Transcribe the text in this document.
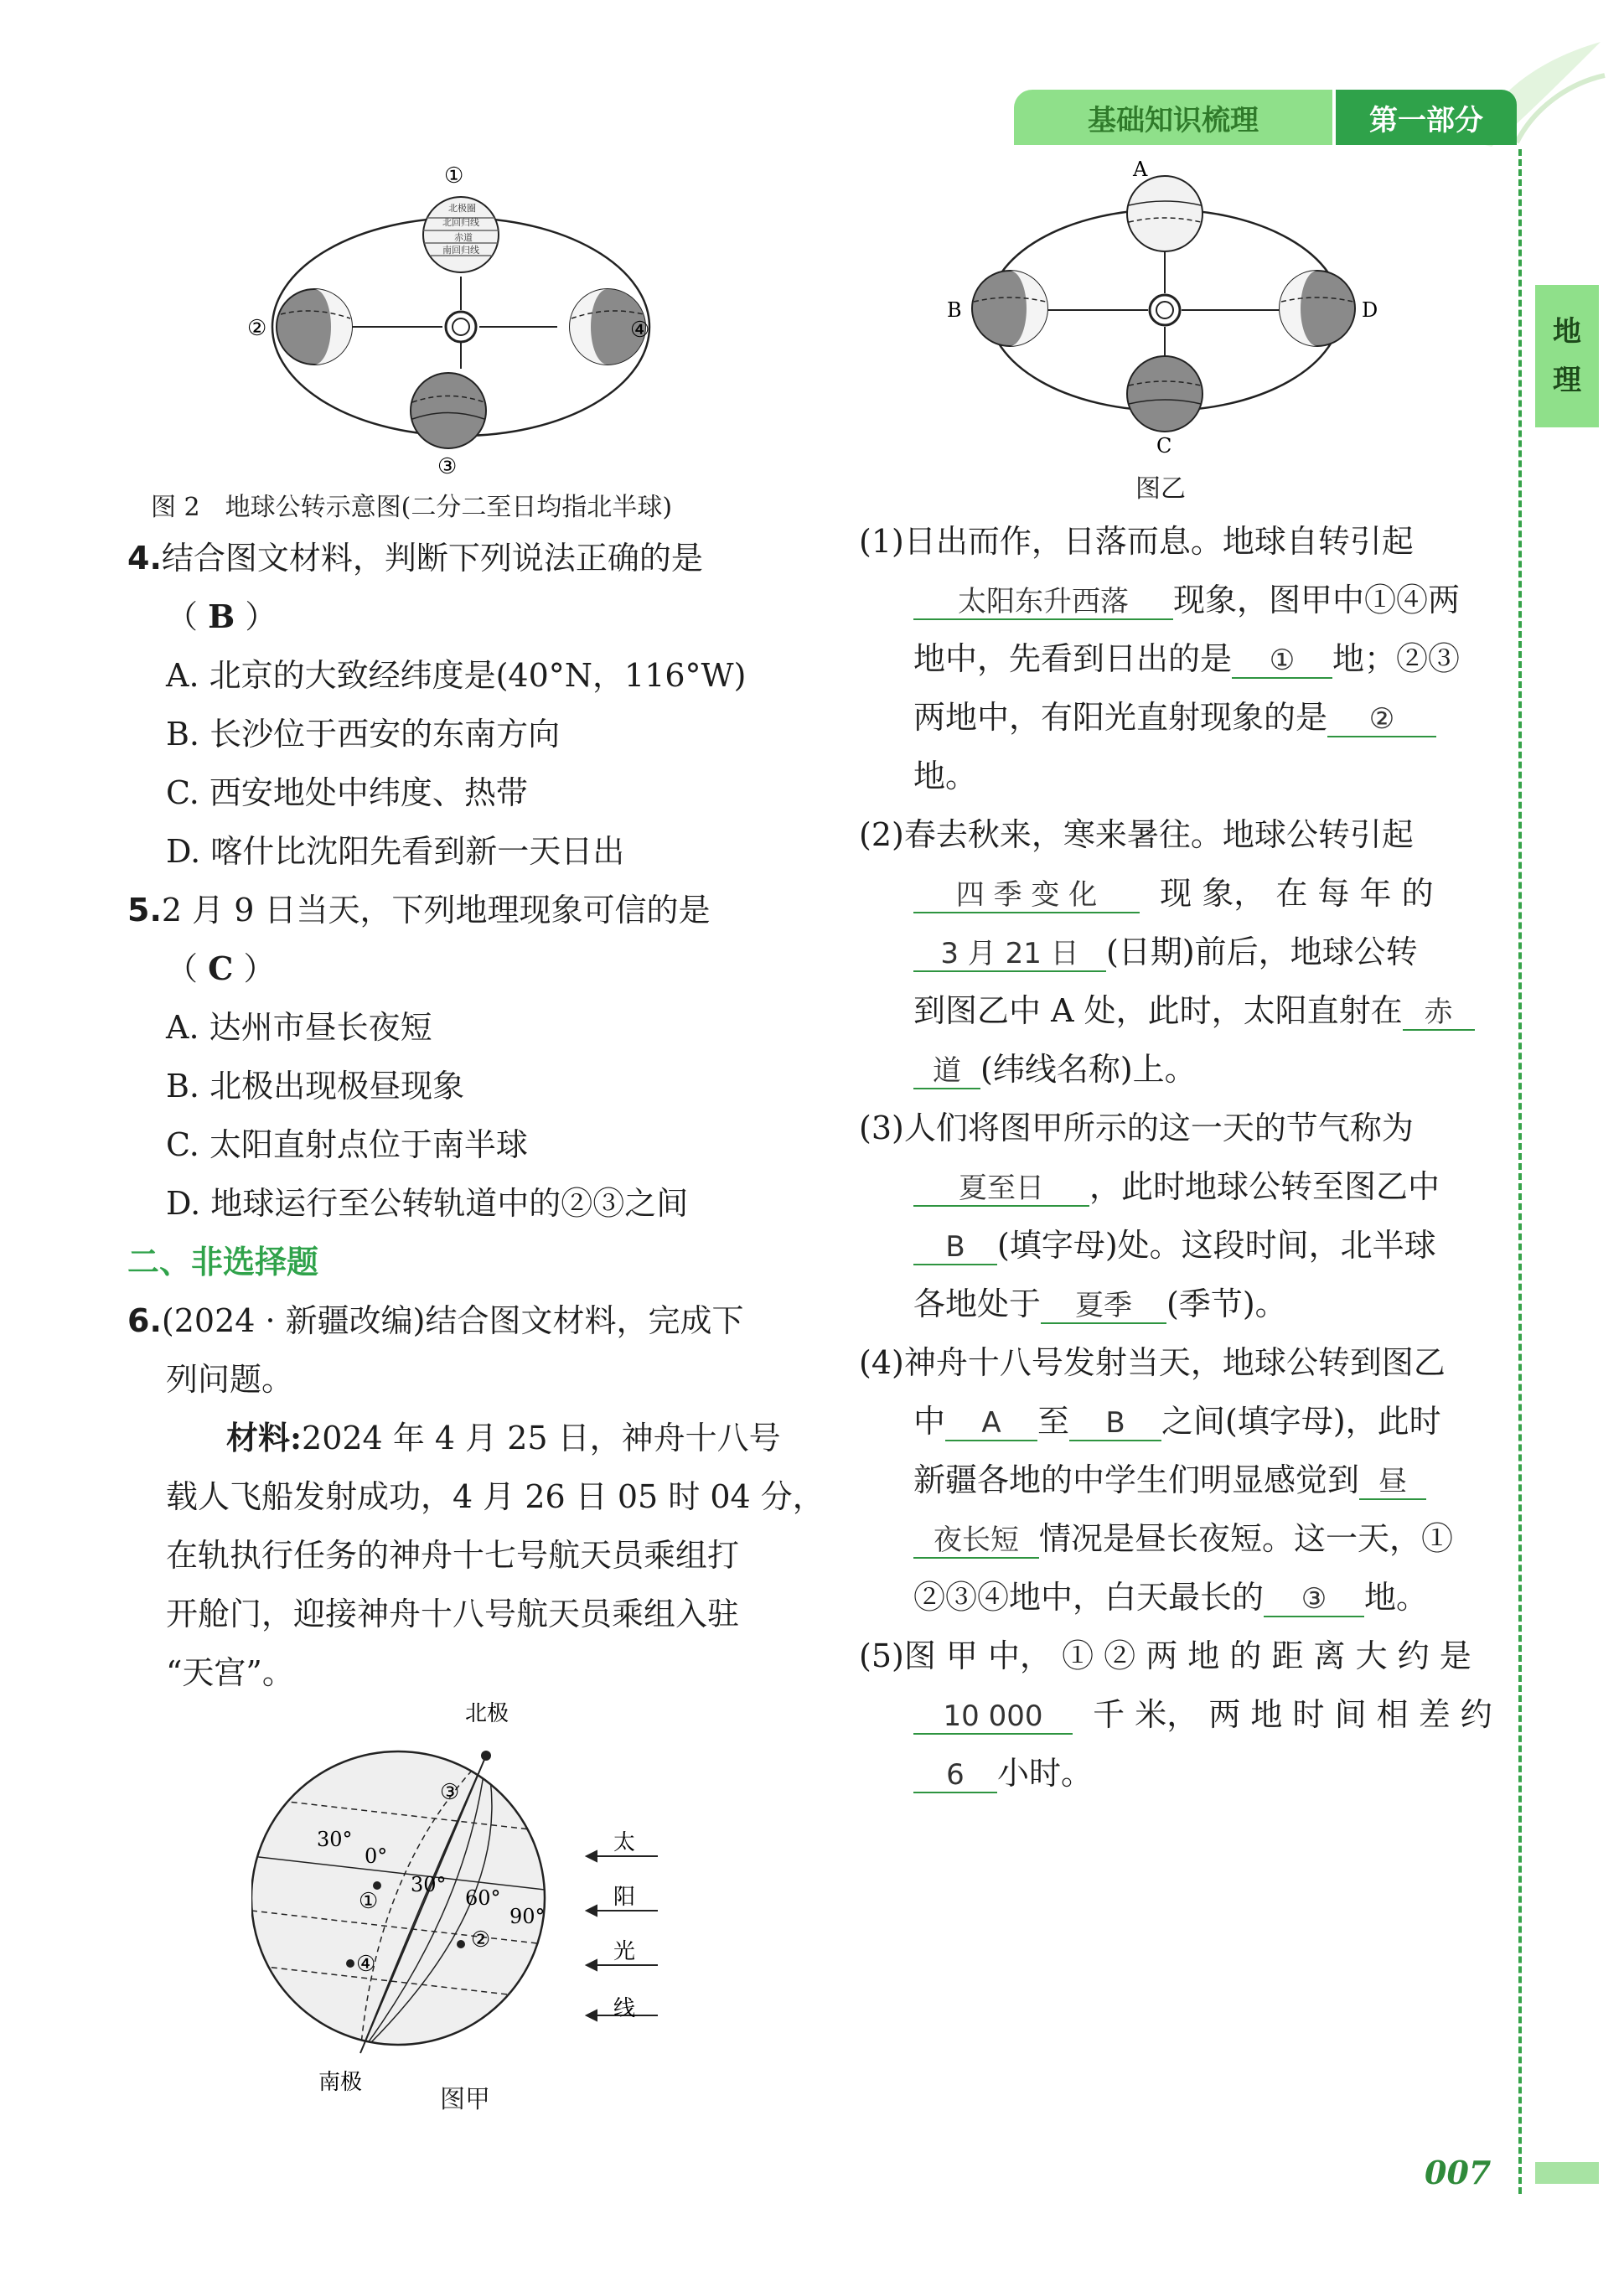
基础知识梳理	第一部分
地
理
007
北极圈
北回归线
赤道
南回归线
①
②	④
③
图 2　地球公转示意图(二分二至日均指北半球)
A
B	D
C
图乙
4.结合图文材料，判断下列说法正确的是
（ B ）
A. 北京的大致经纬度是(40°N，116°W)
B. 长沙位于西安的东南方向
C. 西安地处中纬度、热带
D. 喀什比沈阳先看到新一天日出
5.2 月 9 日当天，下列地理现象可信的是
（ C ）
A. 达州市昼长夜短
B. 北极出现极昼现象
C. 太阳直射点位于南半球
D. 地球运行至公转轨道中的②③之间
二、非选择题
6.(2024 · 新疆改编)结合图文材料，完成下
列问题。
材料:2024 年 4 月 25 日，神舟十八号
载人飞船发射成功，4 月 26 日 05 时 04 分，
在轨执行任务的神舟十七号航天员乘组打
开舱门，迎接神舟十八号航天员乘组入驻
“天宫”。
北极
南极
30°
0°
30°
60°
90°
①
②
③
④
太
阳
光
线
图甲
(1)日出而作，日落而息。地球自转引起
太阳东升西落 现象，图甲中①④两
地中，先看到日出的是 ① 地；②③
两地中，有阳光直射现象的是 ②
地。
(2)春去秋来，寒来暑往。地球公转引起
四 季 变 化 现 象， 在 每 年 的
3 月 21 日 (日期)前后，地球公转
到图乙中 A 处，此时，太阳直射在 赤
道 (纬线名称)上。
(3)人们将图甲所示的这一天的节气称为
夏至日 ，此时地球公转至图乙中
B (填字母)处。这段时间，北半球
各地处于 夏季 (季节)。
(4)神舟十八号发射当天，地球公转到图乙
中 A 至 B 之间(填字母)，此时
新疆各地的中学生们明显感觉到 昼
夜长短 情况是昼长夜短。这一天，①
②③④地中，白天最长的 ③ 地。
(5)图 甲 中， ① ② 两 地 的 距 离 大 约 是
10 000 千 米， 两 地 时 间 相 差 约
6 小时。
